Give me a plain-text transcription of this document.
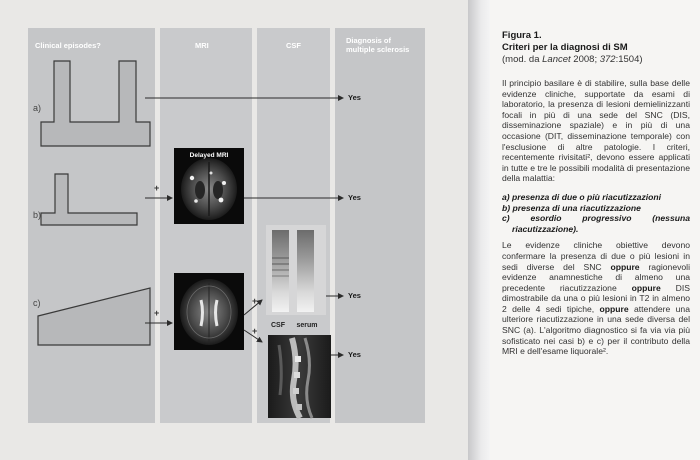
Clinical episodes?	MRI	CSF
Diagnosis of
multiple sclerosis
Delayed MRI
CSF serum
a)
b)
c)
Yes
Yes
Yes
Yes
+
+
+
+
Figura 1.
Criteri per la diagnosi di SM
(mod. da Lancet 2008; 372:1504)

Il principio basilare è di stabilire, sulla base delle evidenze cliniche, supportate da esami di laboratorio, la presenza di lesioni demielinizzanti focali in più di una sede del SNC (DIS, disseminazione spaziale) e in più di una occasione (DIT, disseminazione temporale) con l'esclusione di altre patologie. I criteri, recentemente rivisitati², devono essere applicati in tutte e tre le possibili modalità di presentazione della malattia:

a) presenza di due o più riacutizzazioni
b) presenza di una riacutizzazione
c) esordio progressivo (nessuna riacutizzazione).

Le evidenze cliniche obiettive devono confermare la presenza di due o più lesioni in sedi diverse del SNC oppure ragionevoli evidenze anamnestiche di almeno una precedente riacutizzazione oppure DIS dimostrabile da una o più lesioni in T2 in almeno 2 delle 4 sedi tipiche, oppure attendere una ulteriore riacutizzazione in una sede diversa del SNC (a). L'algoritmo diagnostico si fa via via più sofisticato nei casi b) e c) per il contributo della MRI e dell'esame liquorale².
